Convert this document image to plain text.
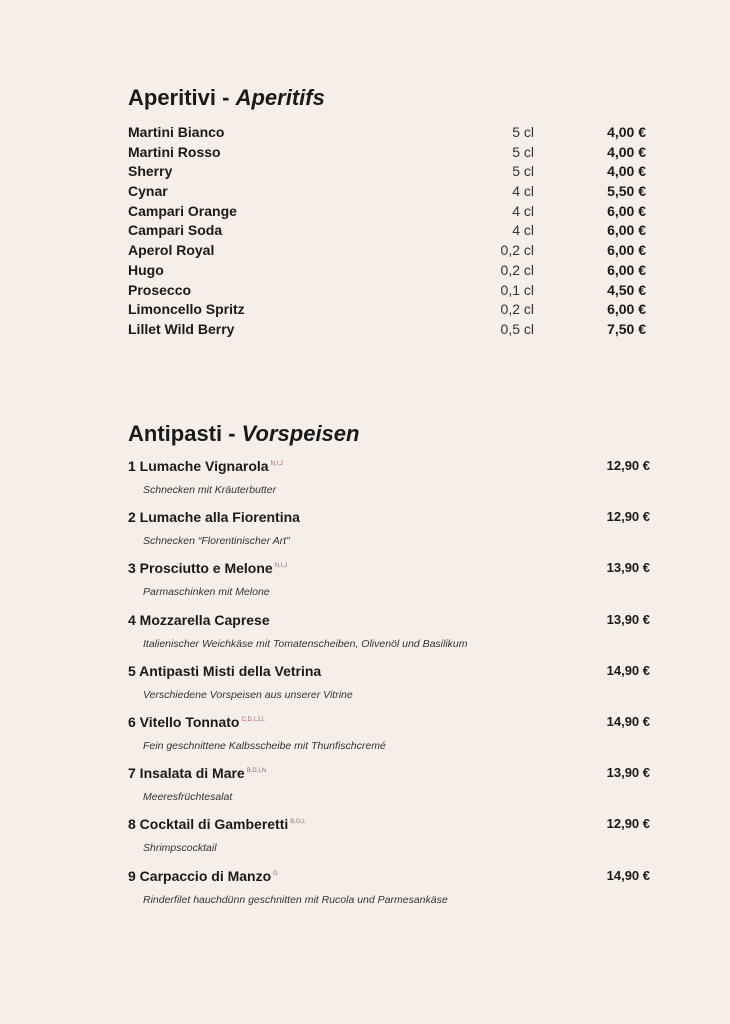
Aperitivi - Aperitifs
Martini Bianco	5 cl	4,00 €
Martini Rosso	5 cl	4,00 €
Sherry	5 cl	4,00 €
Cynar	4 cl	5,50 €
Campari Orange	4 cl	6,00 €
Campari Soda	4 cl	6,00 €
Aperol Royal	0,2 cl	6,00 €
Hugo	0,2 cl	6,00 €
Prosecco	0,1 cl	4,50 €
Limoncello Spritz	0,2 cl	6,00 €
Lillet Wild Berry	0,5 cl	7,50 €
Antipasti - Vorspeisen
1 Lumache Vignarola $^{N,I,J}$	12,90 €
Schnecken mit Kräuterbutter
2 Lumache alla Fiorentina	12,90 €
Schnecken “Florentinischer Art”
3 Prosciutto e Melone $^{N,I,J}$	13,90 €
Parmaschinken mit Melone
4 Mozzarella Caprese	13,90 €
Italienischer Weichkäse mit Tomatenscheiben, Olivenöl und Basilikum
5 Antipasti Misti della Vetrina	14,90 €
Verschiedene Vorspeisen aus unserer Vitrine
6 Vitello Tonnato $^{C,D,I,J,L}$	14,90 €
Fein geschnittene Kalbsscheibe mit Thunfischcremé
7 Insalata di Mare $^{B,D,I,N}$	13,90 €
Meeresfrüchtesalat
8 Cocktail di Gamberetti $^{B,G,L}$	12,90 €
Shrimpscocktail
9 Carpaccio di Manzo $^G$	14,90 €
Rinderfilet hauchdünn geschnitten mit Rucola und Parmesankäse
